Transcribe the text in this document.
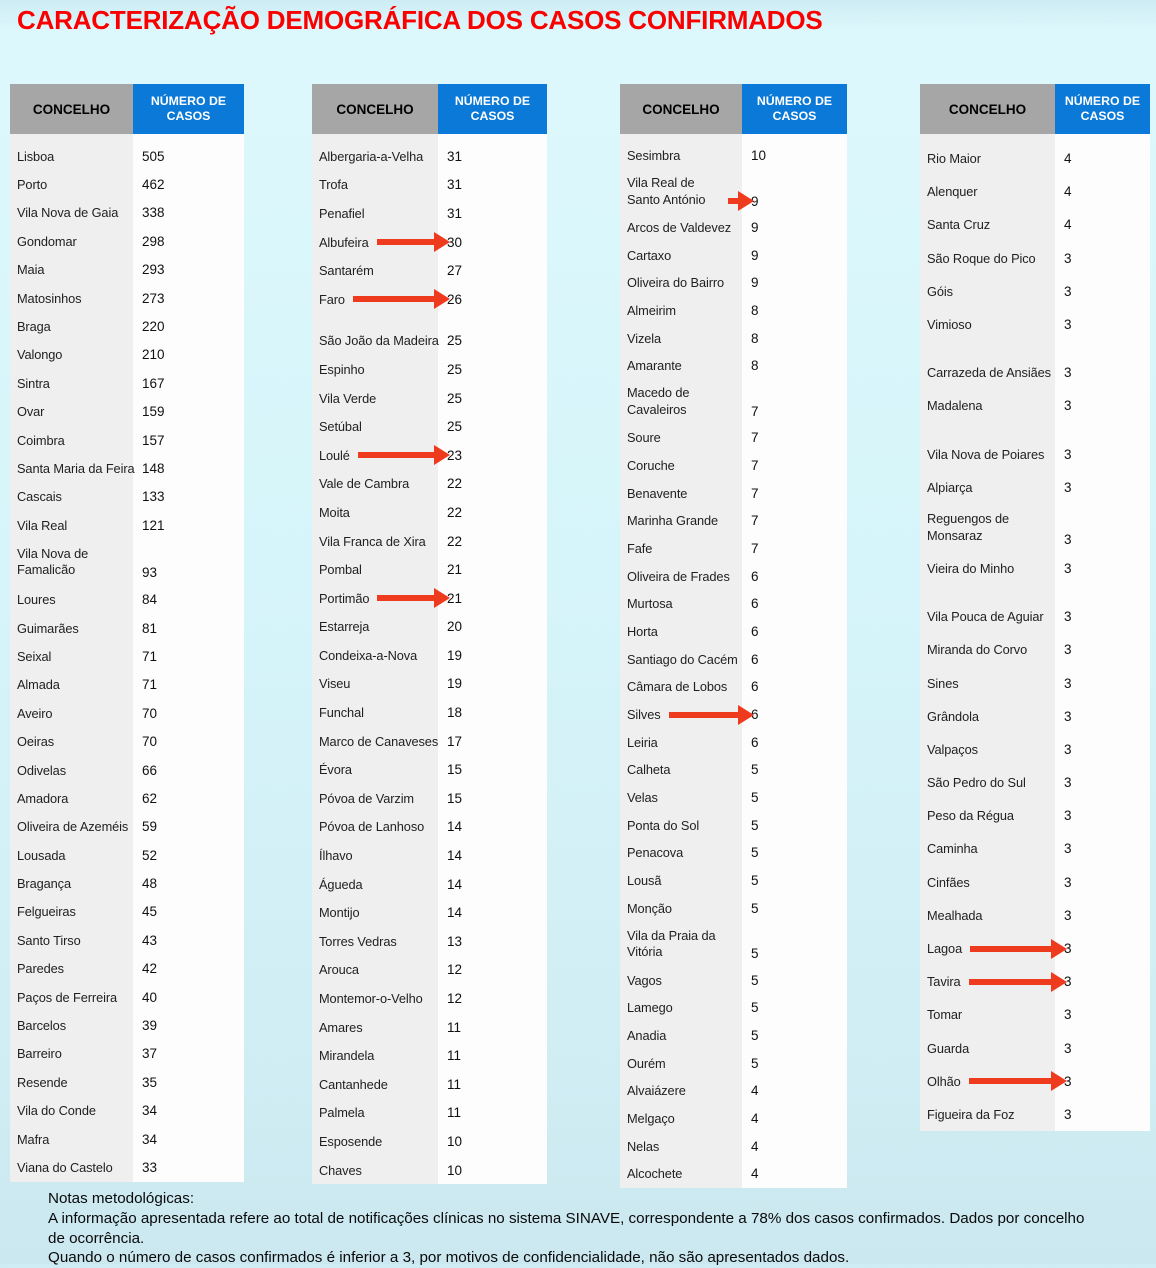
CARACTERIZAÇÃO DEMOGRÁFICA DOS CASOS CONFIRMADOS
CONCELHO
NÚMERO DE CASOS
Lisboa	505
Porto	462
Vila Nova de Gaia 338
Gondomar	298
Maia	293
Matosinhos	273
Braga	220
Valongo	210
Sintra	167
Ovar	159
Coimbra	157
Santa Maria da Feira 148
Cascais	133
Vila Real	121
Vila Nova de Famalicão	93
Loures	84
Guimarães	81
Seixal	71
Almada	71
Aveiro	70
Oeiras	70
Odivelas	66
Amadora	62
Oliveira de Azeméis 59
Lousada	52
Bragança	48
Felgueiras	45
Santo Tirso	43
Paredes	42
Paços de Ferreira 40
Barcelos	39
Barreiro	37
Resende	35
Vila do Conde	34
Mafra	34
Viana do Castelo 33
CONCELHO
NÚMERO DE CASOS
Albergaria-a-Velha 31
Trofa	31
Penafiel	31
Albufeira	30
Santarém	27
Faro	26
São João da Madeira 25
Espinho	25
Vila Verde	25
Setúbal	25
Loulé	23
Vale de Cambra	22
Moita	22
Vila Franca de Xira 22
Pombal	21
Portimão	21
Estarreja	20
Condeixa-a-Nova 19
Viseu	19
Funchal	18
Marco de Canaveses 17
Évora	15
Póvoa de Varzim 15
Póvoa de Lanhoso 14
Ílhavo	14
Águeda	14
Montijo	14
Torres Vedras	13
Arouca	12
Montemor-o-Velho 12
Amares	11
Mirandela	11
Cantanhede	11
Palmela	11
Esposende	10
Chaves	10
CONCELHO
NÚMERO DE CASOS
Sesimbra	10
Vila Real de Santo António	9
Arcos de Valdevez 9
Cartaxo	9
Oliveira do Bairro 9
Almeirim	8
Vizela	8
Amarante	8
Macedo de Cavaleiros	7
Soure	7
Coruche	7
Benavente	7
Marinha Grande 7
Fafe	7
Oliveira de Frades 6
Murtosa	6
Horta	6
Santiago do Cacém 6
Câmara de Lobos 6
Silves	6
Leiria	6
Calheta	5
Velas	5
Ponta do Sol	5
Penacova	5
Lousã	5
Monção	5
Vila da Praia da Vitória	5
Vagos	5
Lamego	5
Anadia	5
Ourém	5
Alvaiázere	4
Melgaço	4
Nelas	4
Alcochete	4
CONCELHO
NÚMERO DE CASOS
Rio Maior	4
Alenquer	4
Santa Cruz	4
São Roque do Pico 3
Góis	3
Vimioso	3
Carrazeda de Ansiães 3
Madalena	3
Vila Nova de Poiares 3
Alpiarça	3
Reguengos de Monsaraz	3
Vieira do Minho	3
Vila Pouca de Aguiar 3
Miranda do Corvo	3
Sines	3
Grândola	3
Valpaços	3
São Pedro do Sul	3
Peso da Régua	3
Caminha	3
Cinfães	3
Mealhada	3
Lagoa	3
Tavira	3
Tomar	3
Guarda	3
Olhão	3
Figueira da Foz	3
Notas metodológicas:
A informação apresentada refere ao total de notificações clínicas no sistema SINAVE, correspondente a 78% dos casos confirmados. Dados por concelho de ocorrência.
Quando o número de casos confirmados é inferior a 3, por motivos de confidencialidade, não são apresentados dados.
